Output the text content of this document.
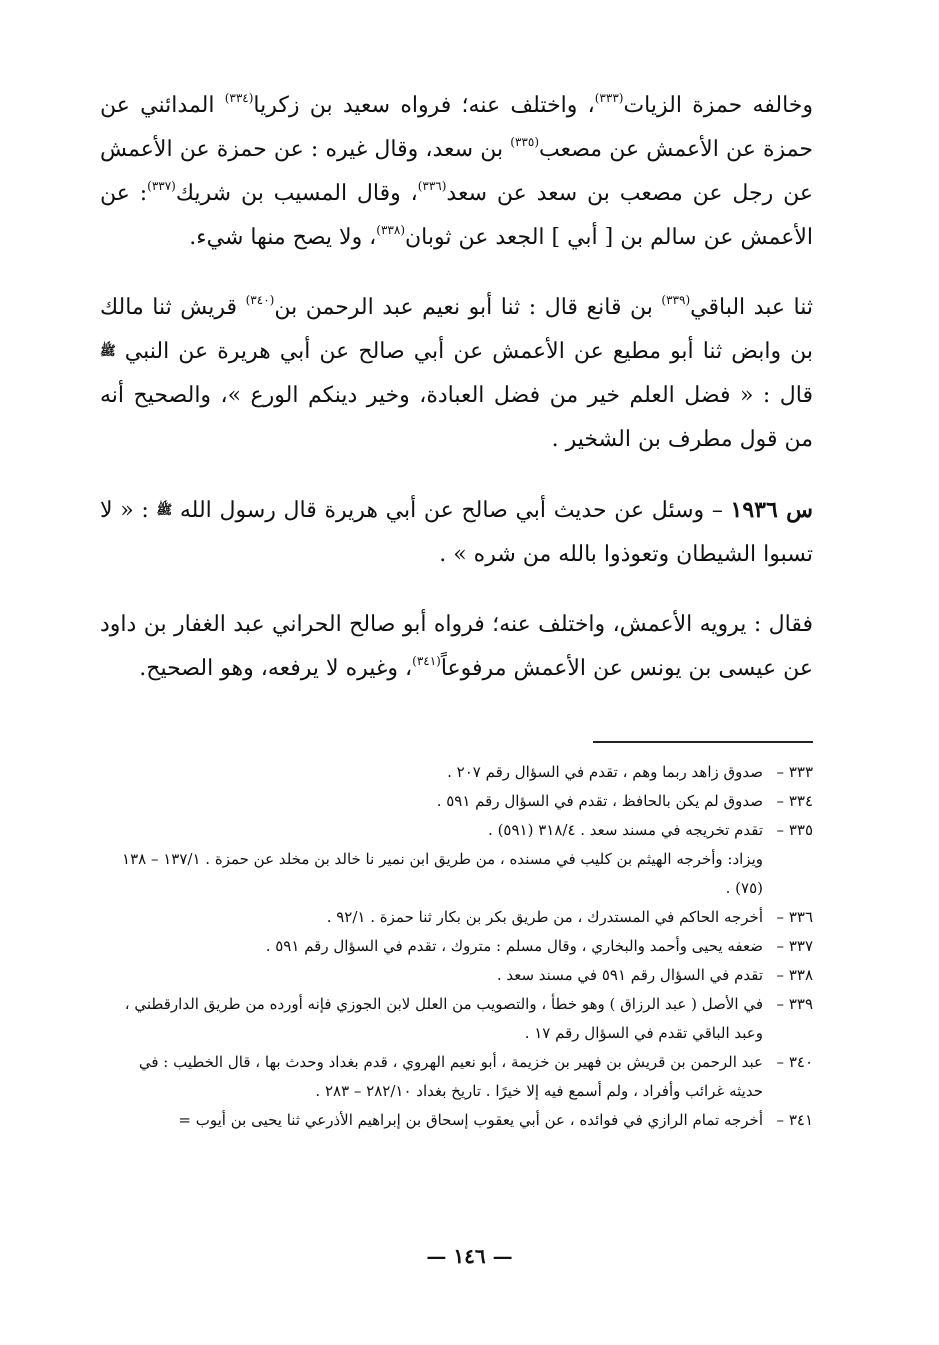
وخالفه حمزة الزيات$^{(٣٣٣)}$، واختلف عنه؛ فرواه سعيد بن زكريا$^{(٣٣٤)}$ المدائني عن حمزة عن الأعمش عن مصعب$^{(٣٣٥)}$ بن سعد، وقال غيره : عن حمزة عن الأعمش عن رجل عن مصعب بن سعد عن سعد$^{(٣٣٦)}$، وقال المسيب بن شريك$^{(٣٣٧)}$: عن الأعمش عن سالم بن [ أبي ] الجعد عن ثوبان$^{(٣٣٨)}$، ولا يصح منها شيء.

ثنا عبد الباقي$^{(٣٣٩)}$ بن قانع قال : ثنا أبو نعيم عبد الرحمن بن$^{(٣٤٠)}$ قريش ثنا مالك بن وابض ثنا أبو مطيع عن الأعمش عن أبي صالح عن أبي هريرة عن النبي ﷺ قال : « فضل العلم خير من فضل العبادة، وخير دينكم الورع »، والصحيح أنه من قول مطرف بن الشخير .

س ١٩٣٦ – وسئل عن حديث أبي صالح عن أبي هريرة قال رسول الله ﷺ : « لا تسبوا الشيطان وتعوذوا بالله من شره » .

فقال : يرويه الأعمش، واختلف عنه؛ فرواه أبو صالح الحراني عبد الغفار بن داود عن عيسى بن يونس عن الأعمش مرفوعاً$^{(٣٤١)}$، وغيره لا يرفعه، وهو الصحيح.

٣٣٣ –
صدوق زاهد ربما وهم ، تقدم في السؤال رقم ٢٠٧ .
٣٣٤ –
صدوق لم يكن بالحافظ ، تقدم في السؤال رقم ٥٩١ .
٣٣٥ –
تقدم تخريجه في مسند سعد . ٣١٨/٤ (٥٩١) .
ويزاد: وأخرجه الهيثم بن كليب في مسنده ، من طريق ابن نمير نا خالد بن مخلد عن حمزة . ١٣٧/١ – ١٣٨ (٧٥) .
٣٣٦ –
أخرجه الحاكم في المستدرك ، من طريق بكر بن بكار ثنا حمزة . ٩٢/١ .
٣٣٧ –
ضعفه يحيى وأحمد والبخاري ، وقال مسلم : متروك ، تقدم في السؤال رقم ٥٩١ .
٣٣٨ –
تقدم في السؤال رقم ٥٩١ في مسند سعد .
٣٣٩ –
في الأصل ( عبد الرزاق ) وهو خطأ ، والتصويب من العلل لابن الجوزي فإنه أورده من طريق الدارقطني ، وعبد الباقي تقدم في السؤال رقم ١٧ .
٣٤٠ –
عبد الرحمن بن قريش بن فهير بن خزيمة ، أبو نعيم الهروي ، قدم بغداد وحدث بها ، قال الخطيب : في حديثه غرائب وأفراد ، ولم أسمع فيه إلا خيرًا . تاريخ بغداد ٢٨٢/١٠ – ٢٨٣ .
٣٤١ –
أخرجه تمام الرازي في فوائده ، عن أبي يعقوب إسحاق بن إبراهيم الأذرعي ثنا يحيى بن أيوب =
— ١٤٦ —
